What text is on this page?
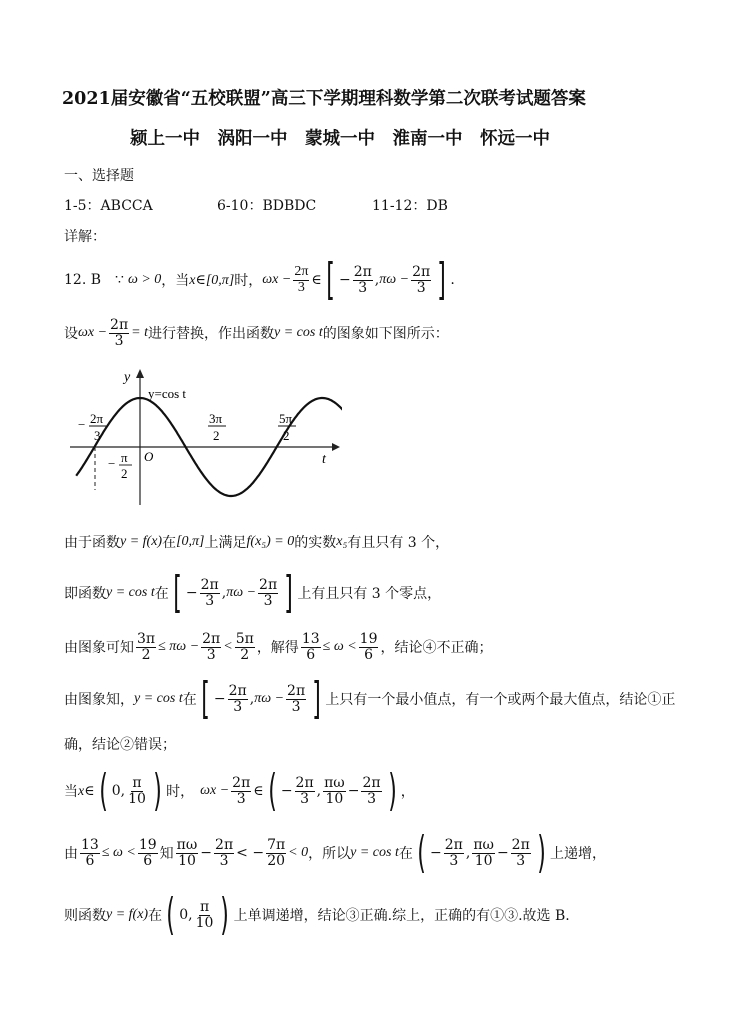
2021届安徽省“五校联盟”高三下学期理科数学第二次联考试题答案
颍上一中　涡阳一中　蒙城一中　淮南一中　怀远一中
一、选择题
1-5：ABCCA	6-10：BDBDC	11-12：DB
详解：
12. B ∵ ω > 0 ，当 x∈[0,π] 时， $\omega x - \frac{2\pi}{3}$ ∈ [ − $\frac{2\pi}{3}$ , $\pi\omega - \frac{2\pi}{3}$ ] .
设 $\omega x - \frac{2\pi}{3} = t$ 进行替换，作出函数 y = cos t 的图象如下图所示：
y
t
y=cos t
O
− 2π
3
− π
2
3π
2
5π
2
由于函数 y = f(x) 在 [0,π] 上满足 f(x₅) = 0 的实数 x₅ 有且只有 3 个，
即函数 y = cos t 在 [ − $\frac{2\pi}{3}$ , $\pi\omega - \frac{2\pi}{3}$ ] 上有且只有 3 个零点，
由图象可知 $\frac{3\pi}{2} \le \pi\omega - \frac{2\pi}{3} < \frac{5\pi}{2}$ ，解得 $\frac{13}{6} \le \omega < \frac{19}{6}$ ，结论④不正确；
由图象知， y = cos t 在 [ − $\frac{2\pi}{3}$ , $\pi\omega - \frac{2\pi}{3}$ ] 上只有一个最小值点，有一个或两个最大值点，结论①正
确，结论②错误；
当 x∈ ( 0, $\frac{\pi}{10}$ ) 时， $\omega x - \frac{2\pi}{3}$ ∈ ( − $\frac{2\pi}{3}$ , $\frac{\pi\omega}{10} - \frac{2\pi}{3}$ ) ，
由 $\frac{13}{6} \le \omega < \frac{19}{6}$ 知 $\frac{\pi\omega}{10} - \frac{2\pi}{3}$ < − $\frac{7\pi}{20} < 0$ ，所以 y = cos t 在 ( − $\frac{2\pi}{3}$ , $\frac{\pi\omega}{10} - \frac{2\pi}{3}$ ) 上递增，
则函数 y = f(x) 在 ( 0, $\frac{\pi}{10}$ ) 上单调递增，结论③正确.综上，正确的有①③.故选 B.
